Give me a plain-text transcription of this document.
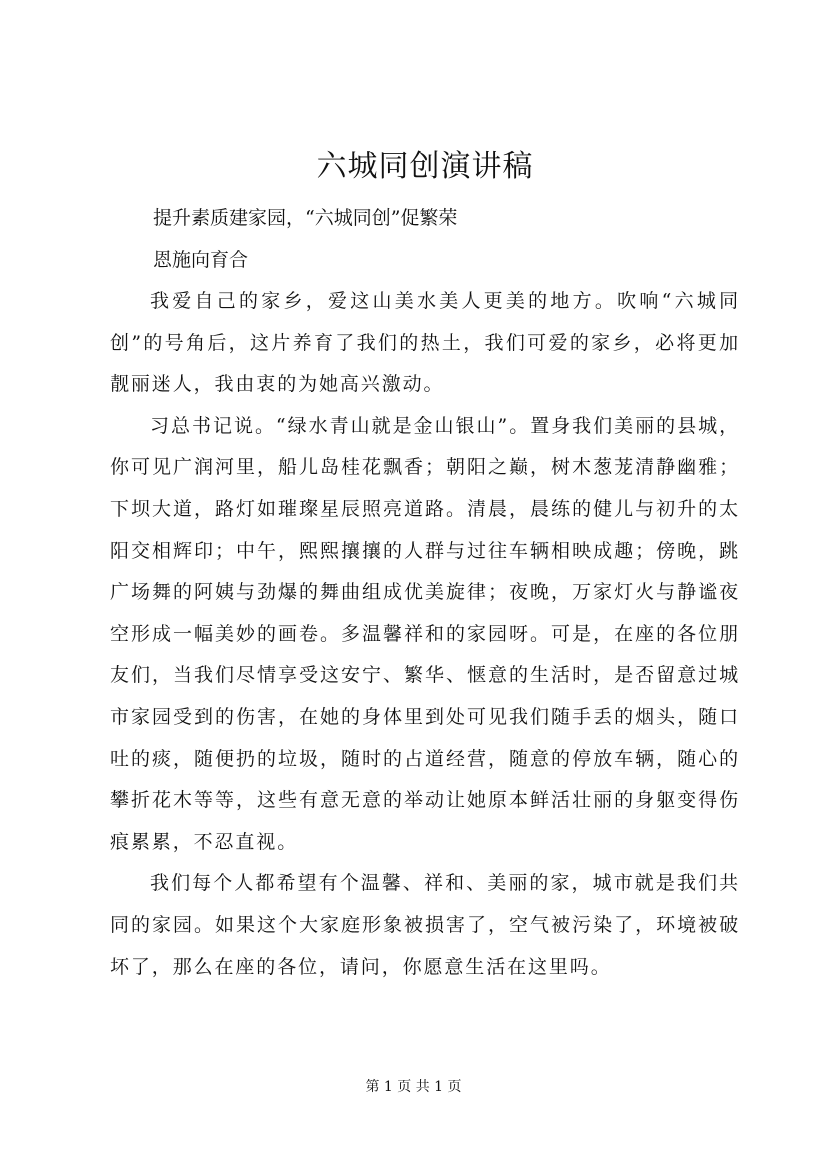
六城同创演讲稿

提升素质建家园，“六城同创”促繁荣

恩施向育合

我爱自己的家乡，爱这山美水美人更美的地方。吹响“六城同创”的号角后，这片养育了我们的热土，我们可爱的家乡，必将更加靓丽迷人，我由衷的为她高兴激动。

习总书记说。“绿水青山就是金山银山”。置身我们美丽的县城，你可见广润河里，船儿岛桂花飘香；朝阳之巅，树木葱茏清静幽雅；下坝大道，路灯如璀璨星辰照亮道路。清晨，晨练的健儿与初升的太阳交相辉印；中午，熙熙攘攘的人群与过往车辆相映成趣；傍晚，跳广场舞的阿姨与劲爆的舞曲组成优美旋律；夜晚，万家灯火与静谧夜空形成一幅美妙的画卷。多温馨祥和的家园呀。可是，在座的各位朋友们，当我们尽情享受这安宁、繁华、惬意的生活时，是否留意过城市家园受到的伤害，在她的身体里到处可见我们随手丢的烟头，随口吐的痰，随便扔的垃圾，随时的占道经营，随意的停放车辆，随心的攀折花木等等，这些有意无意的举动让她原本鲜活壮丽的身躯变得伤痕累累，不忍直视。

我们每个人都希望有个温馨、祥和、美丽的家，城市就是我们共同的家园。如果这个大家庭形象被损害了，空气被污染了，环境被破坏了，那么在座的各位，请问，你愿意生活在这里吗。

第 1 页 共 1 页
